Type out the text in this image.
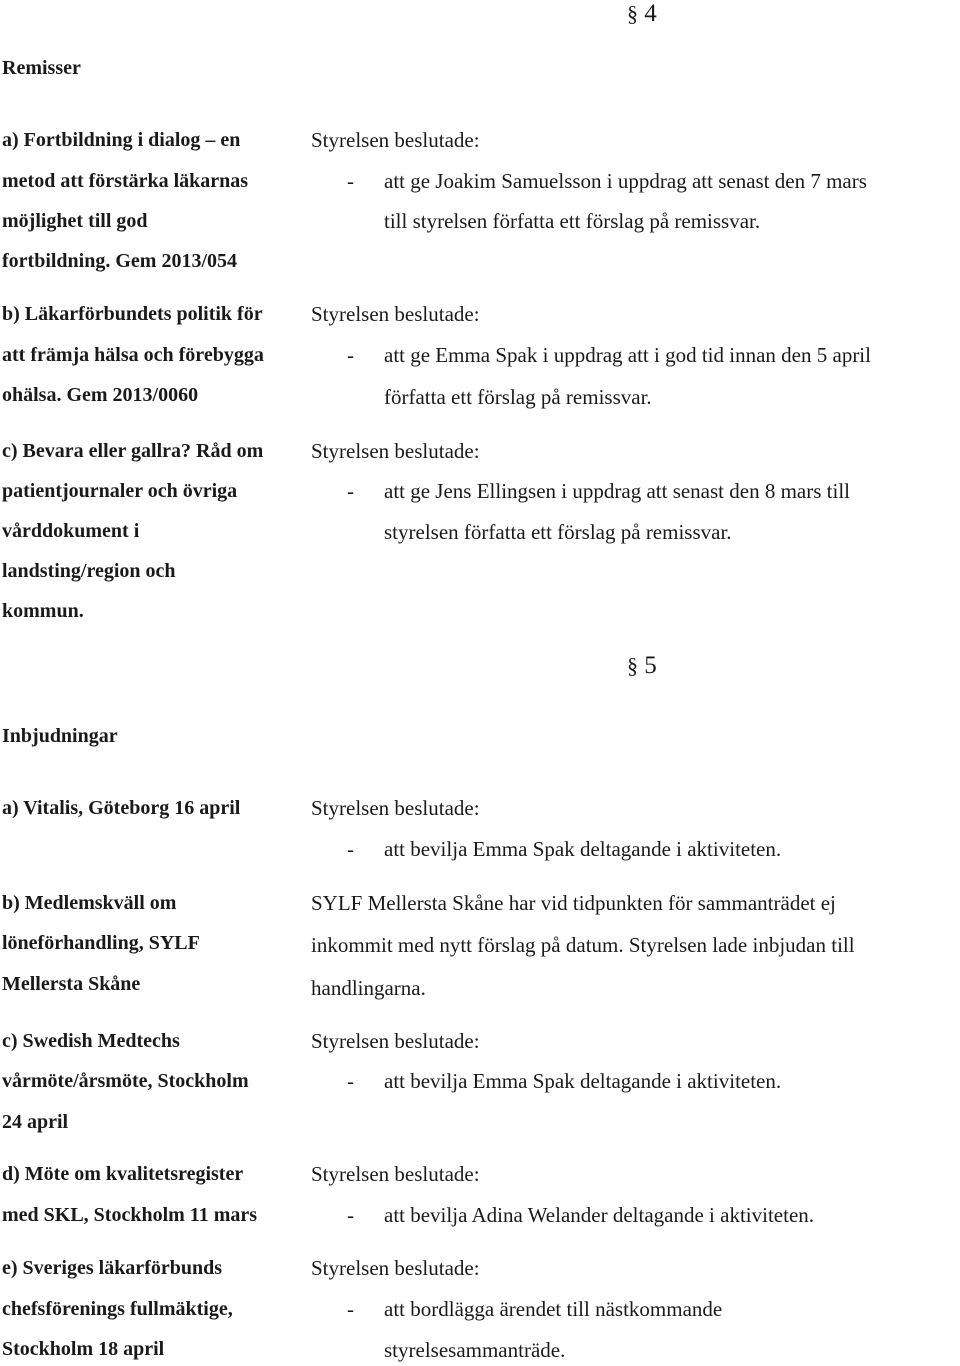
§ 4
Remisser
a) Fortbildning i dialog – en
metod att förstärka läkarnas
möjlighet till god
fortbildning. Gem 2013/054
Styrelsen beslutade:
- att ge Joakim Samuelsson i uppdrag att senast den 7 mars
till styrelsen författa ett förslag på remissvar.
b) Läkarförbundets politik för
att främja hälsa och förebygga
ohälsa. Gem 2013/0060
Styrelsen beslutade:
- att ge Emma Spak i uppdrag att i god tid innan den 5 april
författa ett förslag på remissvar.
c) Bevara eller gallra? Råd om
patientjournaler och övriga
vårddokument i
landsting/region och
kommun.
Styrelsen beslutade:
- att ge Jens Ellingsen i uppdrag att senast den 8 mars till
styrelsen författa ett förslag på remissvar.
§ 5
Inbjudningar
a) Vitalis, Göteborg 16 april	Styrelsen beslutade:
- att bevilja Emma Spak deltagande i aktiviteten.
b) Medlemskväll om
löneförhandling, SYLF
Mellersta Skåne
SYLF Mellersta Skåne har vid tidpunkten för sammanträdet ej
inkommit med nytt förslag på datum. Styrelsen lade inbjudan till
handlingarna.
c) Swedish Medtechs
vårmöte/årsmöte, Stockholm
24 april
Styrelsen beslutade:
- att bevilja Emma Spak deltagande i aktiviteten.
d) Möte om kvalitetsregister
med SKL, Stockholm 11 mars
Styrelsen beslutade:
- att bevilja Adina Welander deltagande i aktiviteten.
e) Sveriges läkarförbunds
chefsförenings fullmäktige,
Stockholm 18 april
Styrelsen beslutade:
- att bordlägga ärendet till nästkommande
styrelsesammanträde.
